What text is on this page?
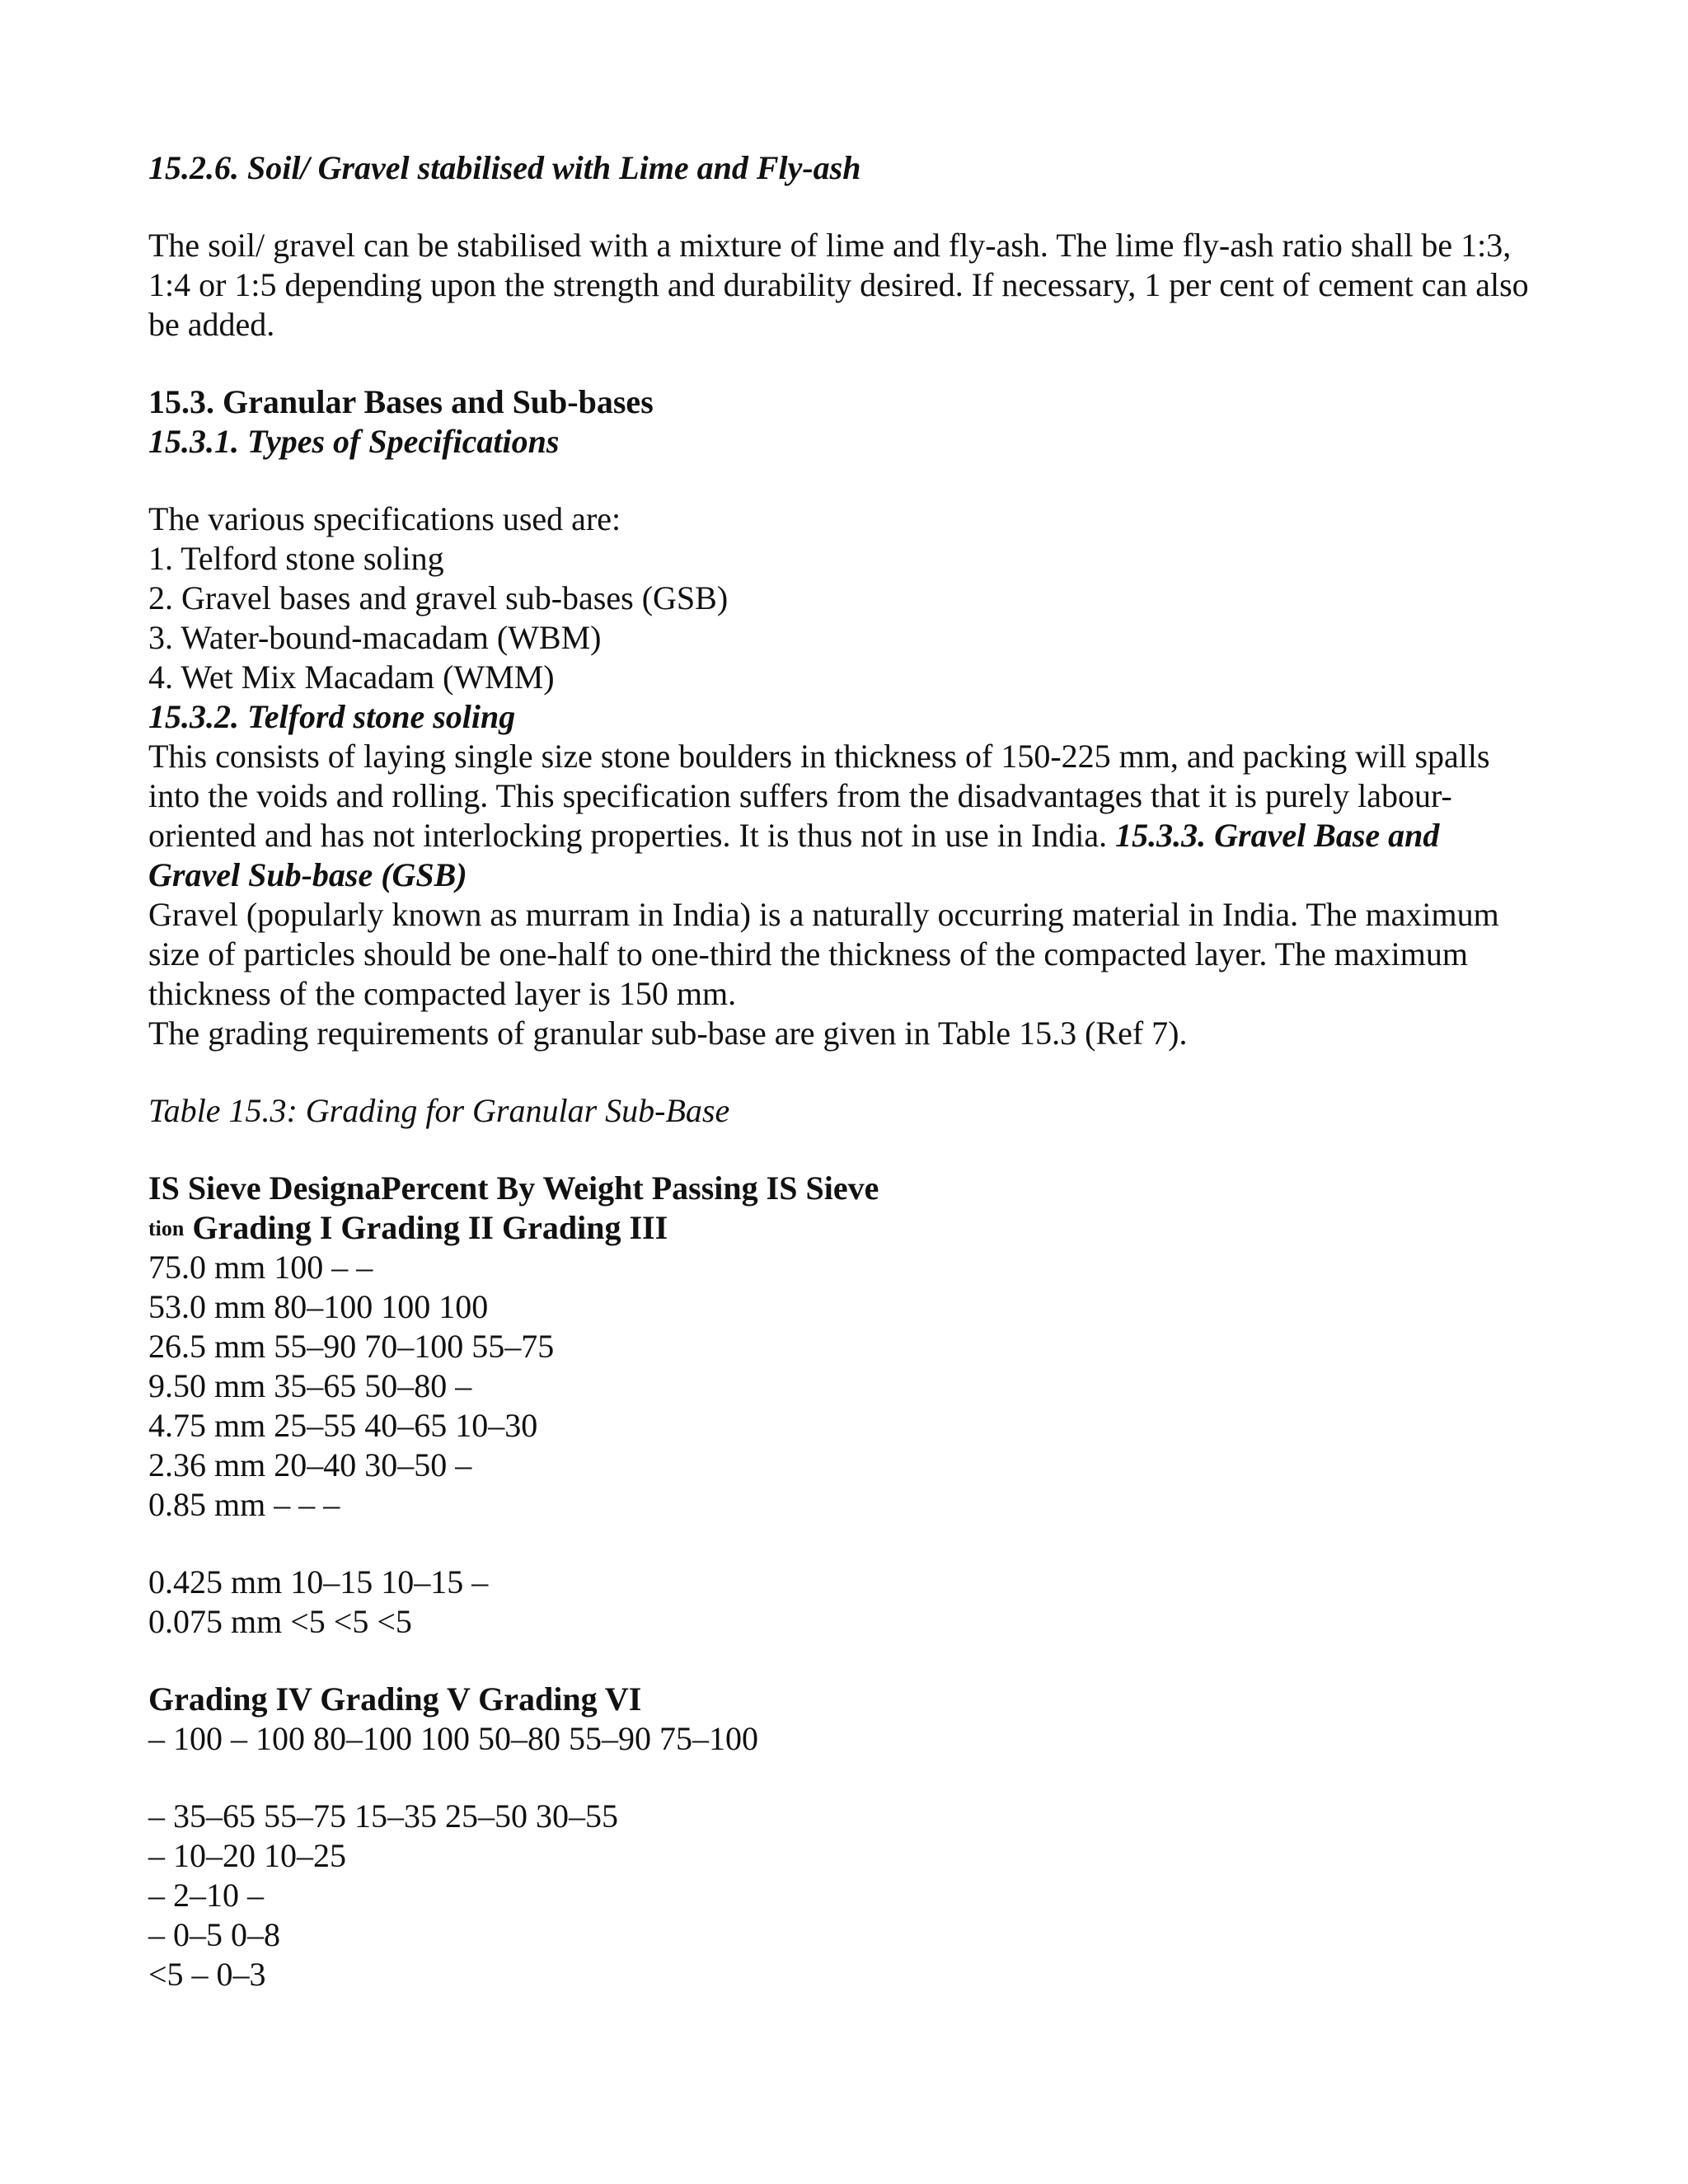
15.2.6. Soil/ Gravel stabilised with Lime and Fly-ash
The soil/ gravel can be stabilised with a mixture of lime and fly-ash. The lime fly-ash ratio shall be 1:3,
1:4 or 1:5 depending upon the strength and durability desired. If necessary, 1 per cent of cement can also
be added.
15.3. Granular Bases and Sub-bases
15.3.1. Types of Specifications
The various specifications used are:
1. Telford stone soling
2. Gravel bases and gravel sub-bases (GSB)
3. Water-bound-macadam (WBM)
4. Wet Mix Macadam (WMM)
15.3.2. Telford stone soling
This consists of laying single size stone boulders in thickness of 150-225 mm, and packing will spalls
into the voids and rolling. This specification suffers from the disadvantages that it is purely labour-
oriented and has not interlocking properties. It is thus not in use in India. 15.3.3. Gravel Base and
Gravel Sub-base (GSB)
Gravel (popularly known as murram in India) is a naturally occurring material in India. The maximum
size of particles should be one-half to one-third the thickness of the compacted layer. The maximum
thickness of the compacted layer is 150 mm.
The grading requirements of granular sub-base are given in Table 15.3 (Ref 7).
Table 15.3: Grading for Granular Sub-Base
IS Sieve DesignaPercent By Weight Passing IS Sieve
$^{tion}$ Grading I Grading II Grading III
75.0 mm 100 – –
53.0 mm 80–100 100 100
26.5 mm 55–90 70–100 55–75
9.50 mm 35–65 50–80 –
4.75 mm 25–55 40–65 10–30
2.36 mm 20–40 30–50 –
0.85 mm – – –
0.425 mm 10–15 10–15 –
0.075 mm <5 <5 <5
Grading IV Grading V Grading VI
– 100 – 100 80–100 100 50–80 55–90 75–100
– 35–65 55–75 15–35 25–50 30–55
– 10–20 10–25
– 2–10 –
– 0–5 0–8
<5 – 0–3
